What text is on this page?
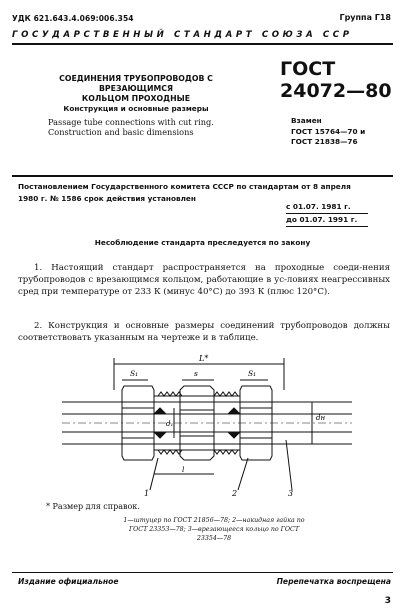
УДК 621.643.4.069:006.354	Группа Г18
ГОСУДАРСТВЕННЫЙ СТАНДАРТ СОЮЗА ССР
СОЕДИНЕНИЯ ТРУБОПРОВОДОВ С ВРЕЗАЮЩИМСЯ
КОЛЬЦОМ ПРОХОДНЫЕ
Конструкция и основные размеры
Passage tube connections with cut ring.
Construction and basic dimensions
ГОСТ
24072—80
Взамен
ГОСТ 15764—70 и
ГОСТ 21838—76
Постановлением Государственного комитета СССР по стандартам от 8 апреля
1980 г. № 1586 срок действия установлен
с 01.07. 1981 г.
до 01.07. 1991 г.
Несоблюдение стандарта преследуется по закону
1. Настоящий стандарт распространяется на проходные соеди-нения трубопроводов с врезающимся кольцом, работающие в ус-ловиях неагрессивных сред при температуре от 233 К (минус 40°С) до 393 К (плюс 120°С).
2. Конструкция и основные размеры соединений трубопроводов должны соответствовать указанным на чертеже и в таблице.
L*
S₁	s	S₁
d₁
dн
l
1	2	3
* Размер для справок.
1—штуцер по ГОСТ 21856—78; 2—накидная гайка по
ГОСТ 23353—78; 3—врезающееся кольцо по ГОСТ
23354—78
Издание официальное	Перепечатка воспрещена
3
